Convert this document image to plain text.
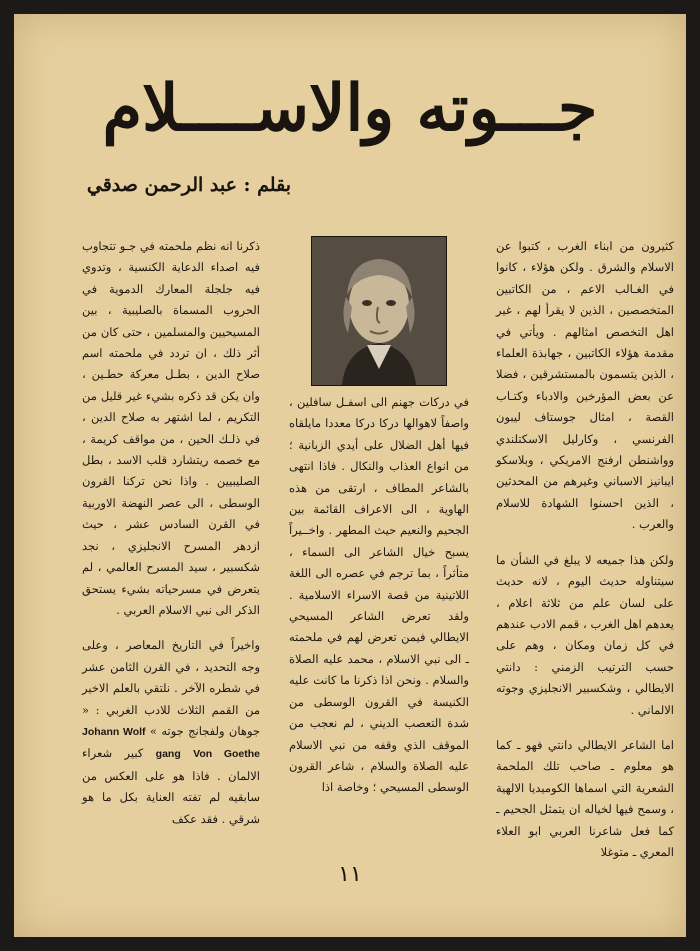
جـــوته والاســــلام
بقلم : عبد الرحمن صدقي

كثيرون من ابناء الغرب ، كتبوا عن الاسلام والشرق . ولكن هؤلاء ، كانوا في الغـالب الاعم ، من الكاتبين المتخصصين ، الذين لا يقرأ لهم ، غير اهل التخصص امثالهم . ويأتي في مقدمة هؤلاء الكاتبين ، جهابذة العلماء ، الذين يتسمون بالمستشرقين ، فضلا عن بعض المؤرخين والادباء وكتـاب القصة ، امثال جوستاف ليبون الفرنسي ، وكارليل الاسكتلندي وواشنطن ارفنج الامريكي ، وبلاسكو ايبانيز الاسباني وغيرهم من المحدثين ، الذين احسنوا الشهادة للاسلام والعرب .

ولكن هذا جميعه لا يبلغ في الشأن ما سيتناوله حديث اليوم ، لانه حديث على لسان علم من ثلاثة اعلام ، يعدهم اهل الغرب ، قمم الادب عندهم في كل زمان ومكان ، وهم على حسب الترتيب الزمني : دانتي الايطالي ، وشكسبير الانجليزي وجوته الالماني .

اما الشاعر الايطالي دانتي فهو ـ كما هو معلوم ـ صاحب تلك الملحمة الشعرية التي اسماها الكوميديا الالهية ، وسمح فيها لخياله ان يتمثل الجحيم ـ كما فعل شاعرنا العربي ابو العلاء المعري ـ متوغلا

في دركات جهنم الى اسفـل سافلين ، واصفاً لاهوالها دركا دركا معددا مايلقاه فيها أهل الضلال على أيدي الزبانية ؛ من انواع العذاب والنكال . فاذا انتهى بالشاعر المطاف ، ارتقى من هذه الهاوية ، الى الاعراف القائمة بين الجحيم والنعيم حيث المطهر . واخــيراً يسبح خيال الشاعر الى السماء ، متأثراً ، بما ترجم في عصره الى اللغة اللاتينية من قصة الاسراء الاسلامية . ولقد تعرض الشاعر المسيحي الايطالي فيمن تعرض لهم في ملحمته ـ الى نبي الاسلام ، محمد عليه الصلاة والسلام . ونحن اذا ذكرنا ما كانت عليه الكنيسة في القرون الوسطى من شدة التعصب الديني ، لم نعجب من الموقف الذي وقفه من نبي الاسلام عليه الصلاة والسلام ، شاعر القرون الوسطى المسيحي ؛ وخاصة اذا

ذكرنا انه نظم ملحمته في جـو تتجاوب فيه اصداء الدعاية الكنسية ، وتدوي فيه جلجلة المعارك الدموية في الحروب المسماة بالصليبية ، بين المسيحيين والمسلمين ، حتى كان من أثر ذلك ، ان تردد في ملحمته اسم صلاح الدين ، بطـل معركة حطـين ، وان يكن قد ذكره بشيء غير قليل من التكريم ، لما اشتهر به صلاح الدين ، في ذلـك الحين ، من مواقف كريمة ، مع خصمه ريتشارد قلب الاسد ، بطل الصليبيين . واذا نحن تركنا القرون الوسطى ، الى عصر النهضة الاوربية في القرن السادس عشر ، حيث ازدهر المسرح الانجليزي ، نجد شكسبير ، سيد المسرح العالمي ، لم يتعرض في مسرحياته بشيء يستحق الذكر الى نبي الاسلام العربي .

واخيراً في التاريخ المعاصر ، وعلى وجه التحديد ، في القرن الثامن عشر في شطره الآخر . نلتقي بالعلم الاخير من القمم الثلاث للادب الغربي : « جوهان ولفجانج جوته » Johann Wolf gang Von Goethe كبير شعراء الالمان . فاذا هو على العكس من سابقيه لم تفته العناية بكل ما هو شرقي . فقد عكف

١١
